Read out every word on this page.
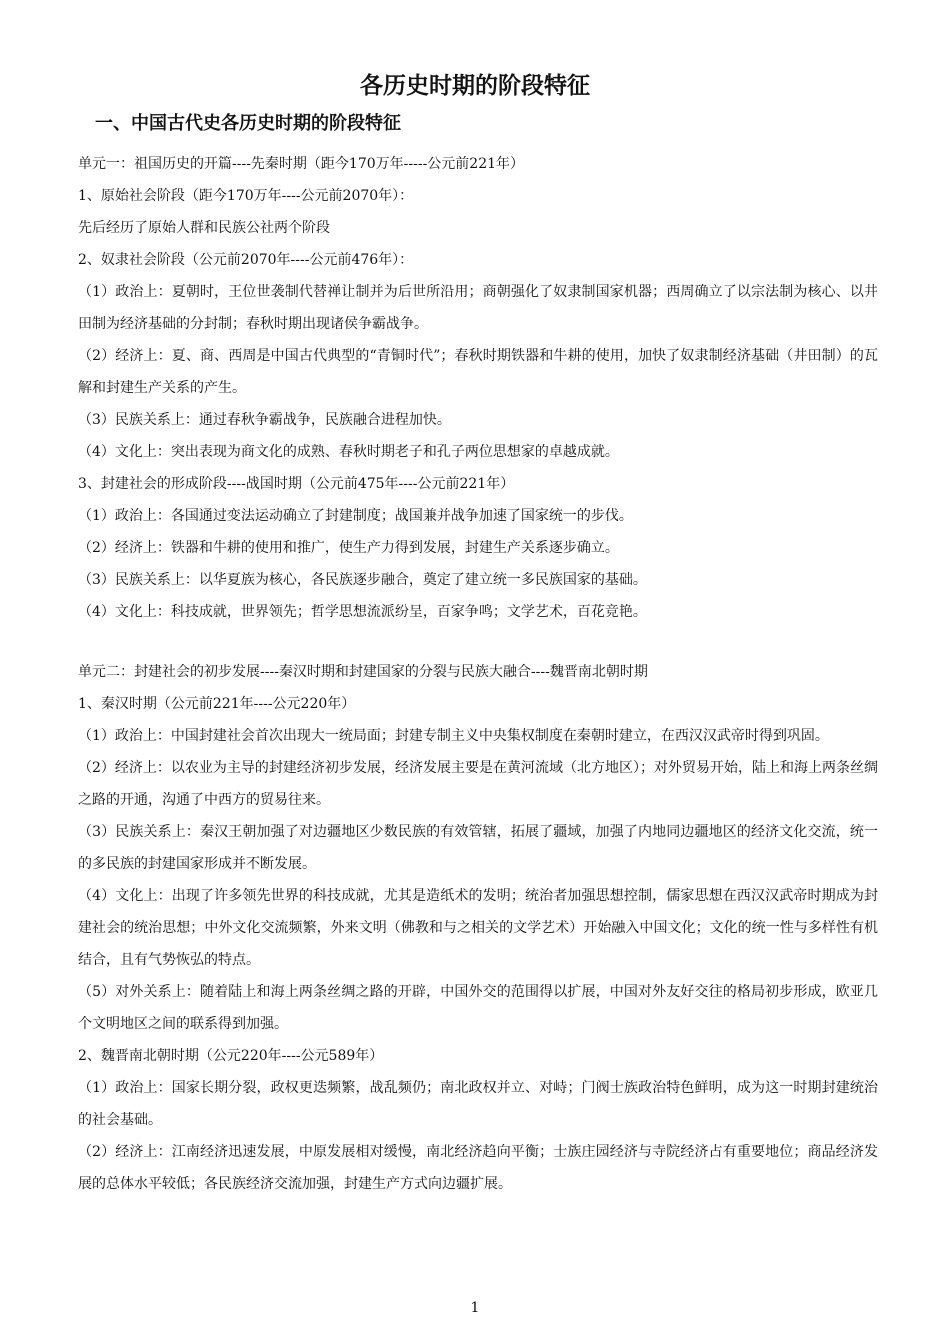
各历史时期的阶段特征
一、中国古代史各历史时期的阶段特征

单元一：祖国历史的开篇----先秦时期（距今170万年-----公元前221年）

1、原始社会阶段（距今170万年----公元前2070年）：

先后经历了原始人群和民族公社两个阶段

2、奴隶社会阶段（公元前2070年----公元前476年）：

（1）政治上：夏朝时，王位世袭制代替禅让制并为后世所沿用；商朝强化了奴隶制国家机器；西周确立了以宗法制为核心、以井田制为经济基础的分封制；春秋时期出现诸侯争霸战争。

（2）经济上：夏、商、西周是中国古代典型的“青铜时代”；春秋时期铁器和牛耕的使用，加快了奴隶制经济基础（井田制）的瓦解和封建生产关系的产生。

（3）民族关系上：通过春秋争霸战争，民族融合进程加快。

（4）文化上：突出表现为商文化的成熟、春秋时期老子和孔子两位思想家的卓越成就。

3、封建社会的形成阶段----战国时期（公元前475年----公元前221年）

（1）政治上：各国通过变法运动确立了封建制度；战国兼并战争加速了国家统一的步伐。

（2）经济上：铁器和牛耕的使用和推广，使生产力得到发展，封建生产关系逐步确立。

（3）民族关系上：以华夏族为核心，各民族逐步融合，奠定了建立统一多民族国家的基础。

（4）文化上：科技成就，世界领先；哲学思想流派纷呈，百家争鸣；文学艺术，百花竞艳。

单元二：封建社会的初步发展----秦汉时期和封建国家的分裂与民族大融合----魏晋南北朝时期

1、秦汉时期（公元前221年----公元220年）

（1）政治上：中国封建社会首次出现大一统局面；封建专制主义中央集权制度在秦朝时建立，在西汉汉武帝时得到巩固。

（2）经济上：以农业为主导的封建经济初步发展，经济发展主要是在黄河流域（北方地区）；对外贸易开始，陆上和海上两条丝绸之路的开通，沟通了中西方的贸易往来。

（3）民族关系上：秦汉王朝加强了对边疆地区少数民族的有效管辖，拓展了疆域，加强了内地同边疆地区的经济文化交流，统一的多民族的封建国家形成并不断发展。

（4）文化上：出现了许多领先世界的科技成就，尤其是造纸术的发明；统治者加强思想控制，儒家思想在西汉汉武帝时期成为封建社会的统治思想；中外文化交流频繁，外来文明（佛教和与之相关的文学艺术）开始融入中国文化；文化的统一性与多样性有机结合，且有气势恢弘的特点。

（5）对外关系上：随着陆上和海上两条丝绸之路的开辟，中国外交的范围得以扩展，中国对外友好交往的格局初步形成，欧亚几个文明地区之间的联系得到加强。

2、魏晋南北朝时期（公元220年----公元589年）

（1）政治上：国家长期分裂，政权更迭频繁，战乱频仍；南北政权并立、对峙；门阀士族政治特色鲜明，成为这一时期封建统治的社会基础。

（2）经济上：江南经济迅速发展，中原发展相对缓慢，南北经济趋向平衡；士族庄园经济与寺院经济占有重要地位；商品经济发展的总体水平较低；各民族经济交流加强，封建生产方式向边疆扩展。

1
